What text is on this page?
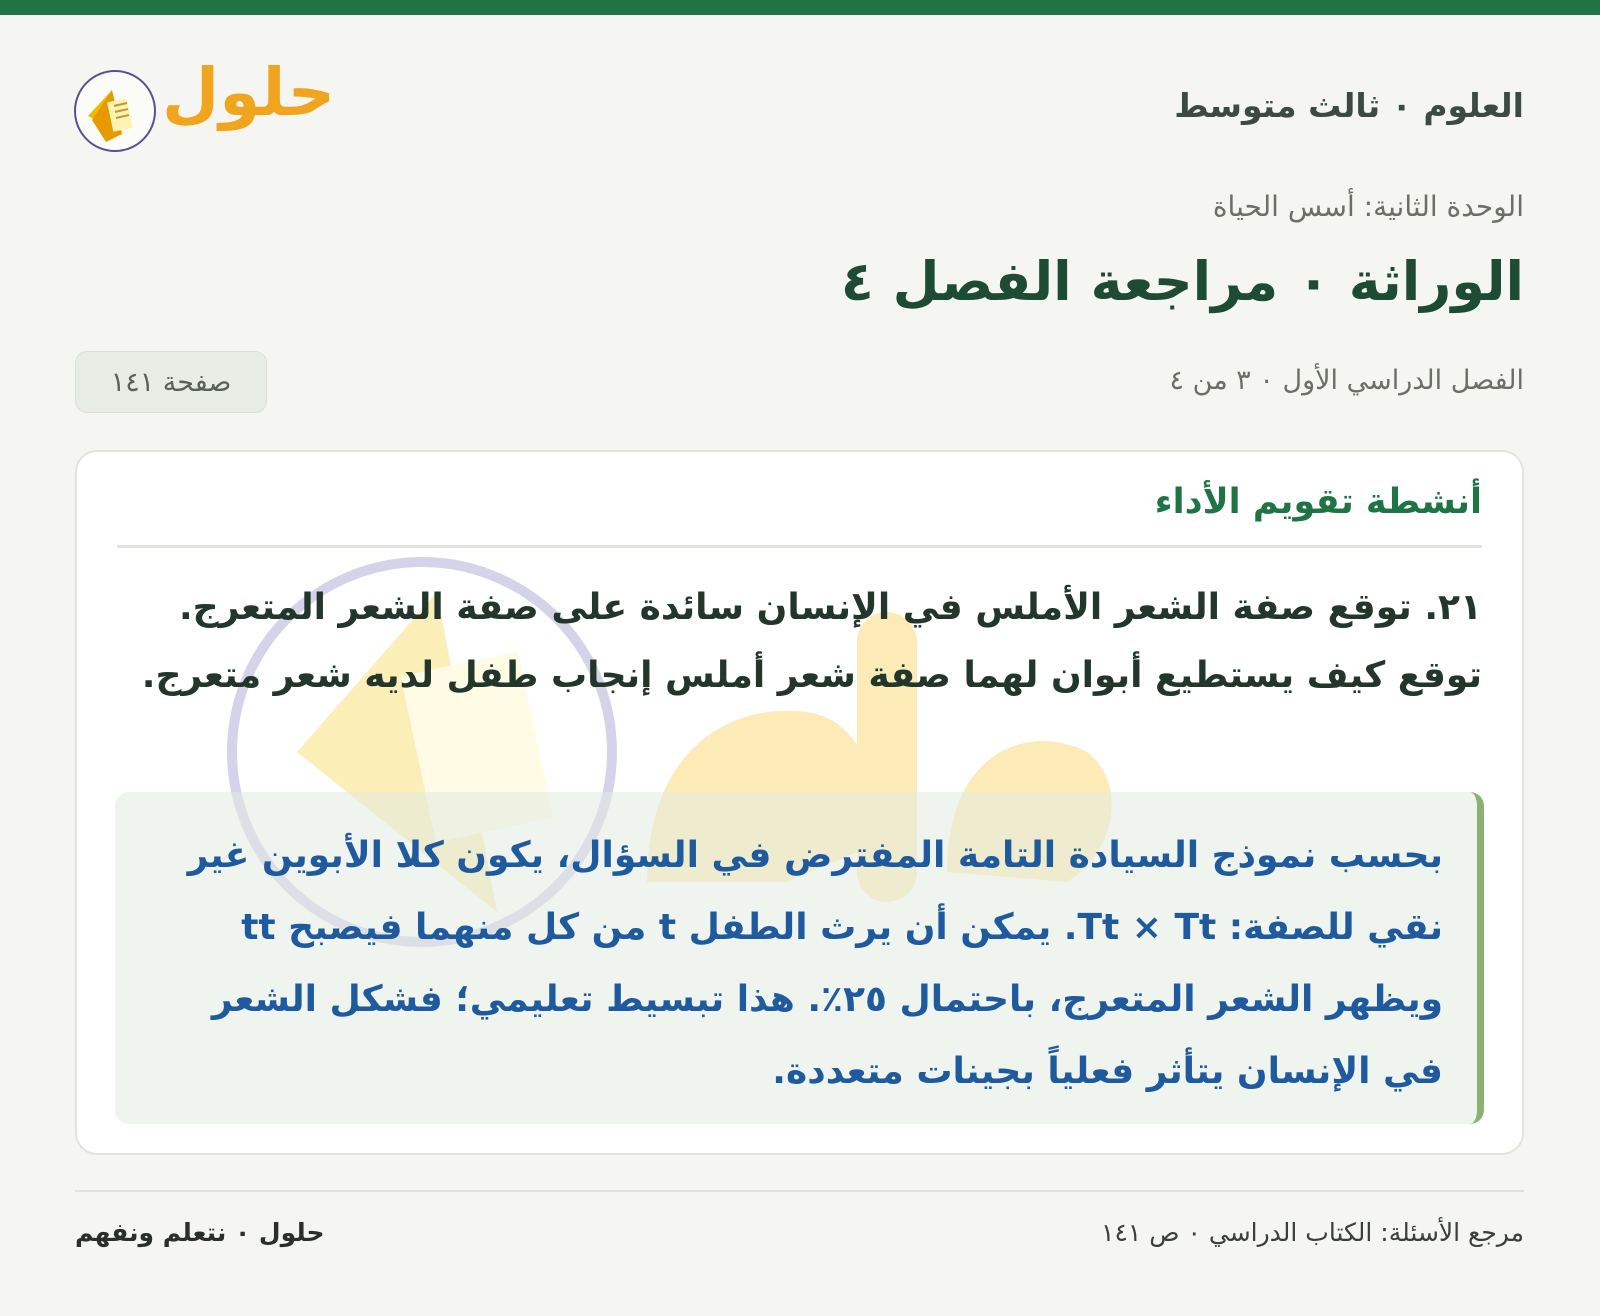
العلوم ٠ ثالث متوسط
حلول
الوحدة الثانية: أسس الحياة
الوراثة ٠ مراجعة الفصل ٤
الفصل الدراسي الأول ٠ ٣ من ٤
صفحة ١٤١
أنشطة تقويم الأداء

٢١. توقع صفة الشعر الأملس في الإنسان سائدة على صفة الشعر المتعرج. توقع كيف يستطيع أبوان لهما صفة شعر أملس إنجاب طفل لديه شعر متعرج.

بحسب نموذج السيادة التامة المفترض في السؤال، يكون كلا الأبوين غير نقي للصفة: Tt × Tt. يمكن أن يرث الطفل t من كل منهما فيصبح tt ويظهر الشعر المتعرج، باحتمال ٢٥٪. هذا تبسيط تعليمي؛ فشكل الشعر في الإنسان يتأثر فعلياً بجينات متعددة.

مرجع الأسئلة: الكتاب الدراسي ٠ ص ١٤١
حلول ٠ نتعلم ونفهم
